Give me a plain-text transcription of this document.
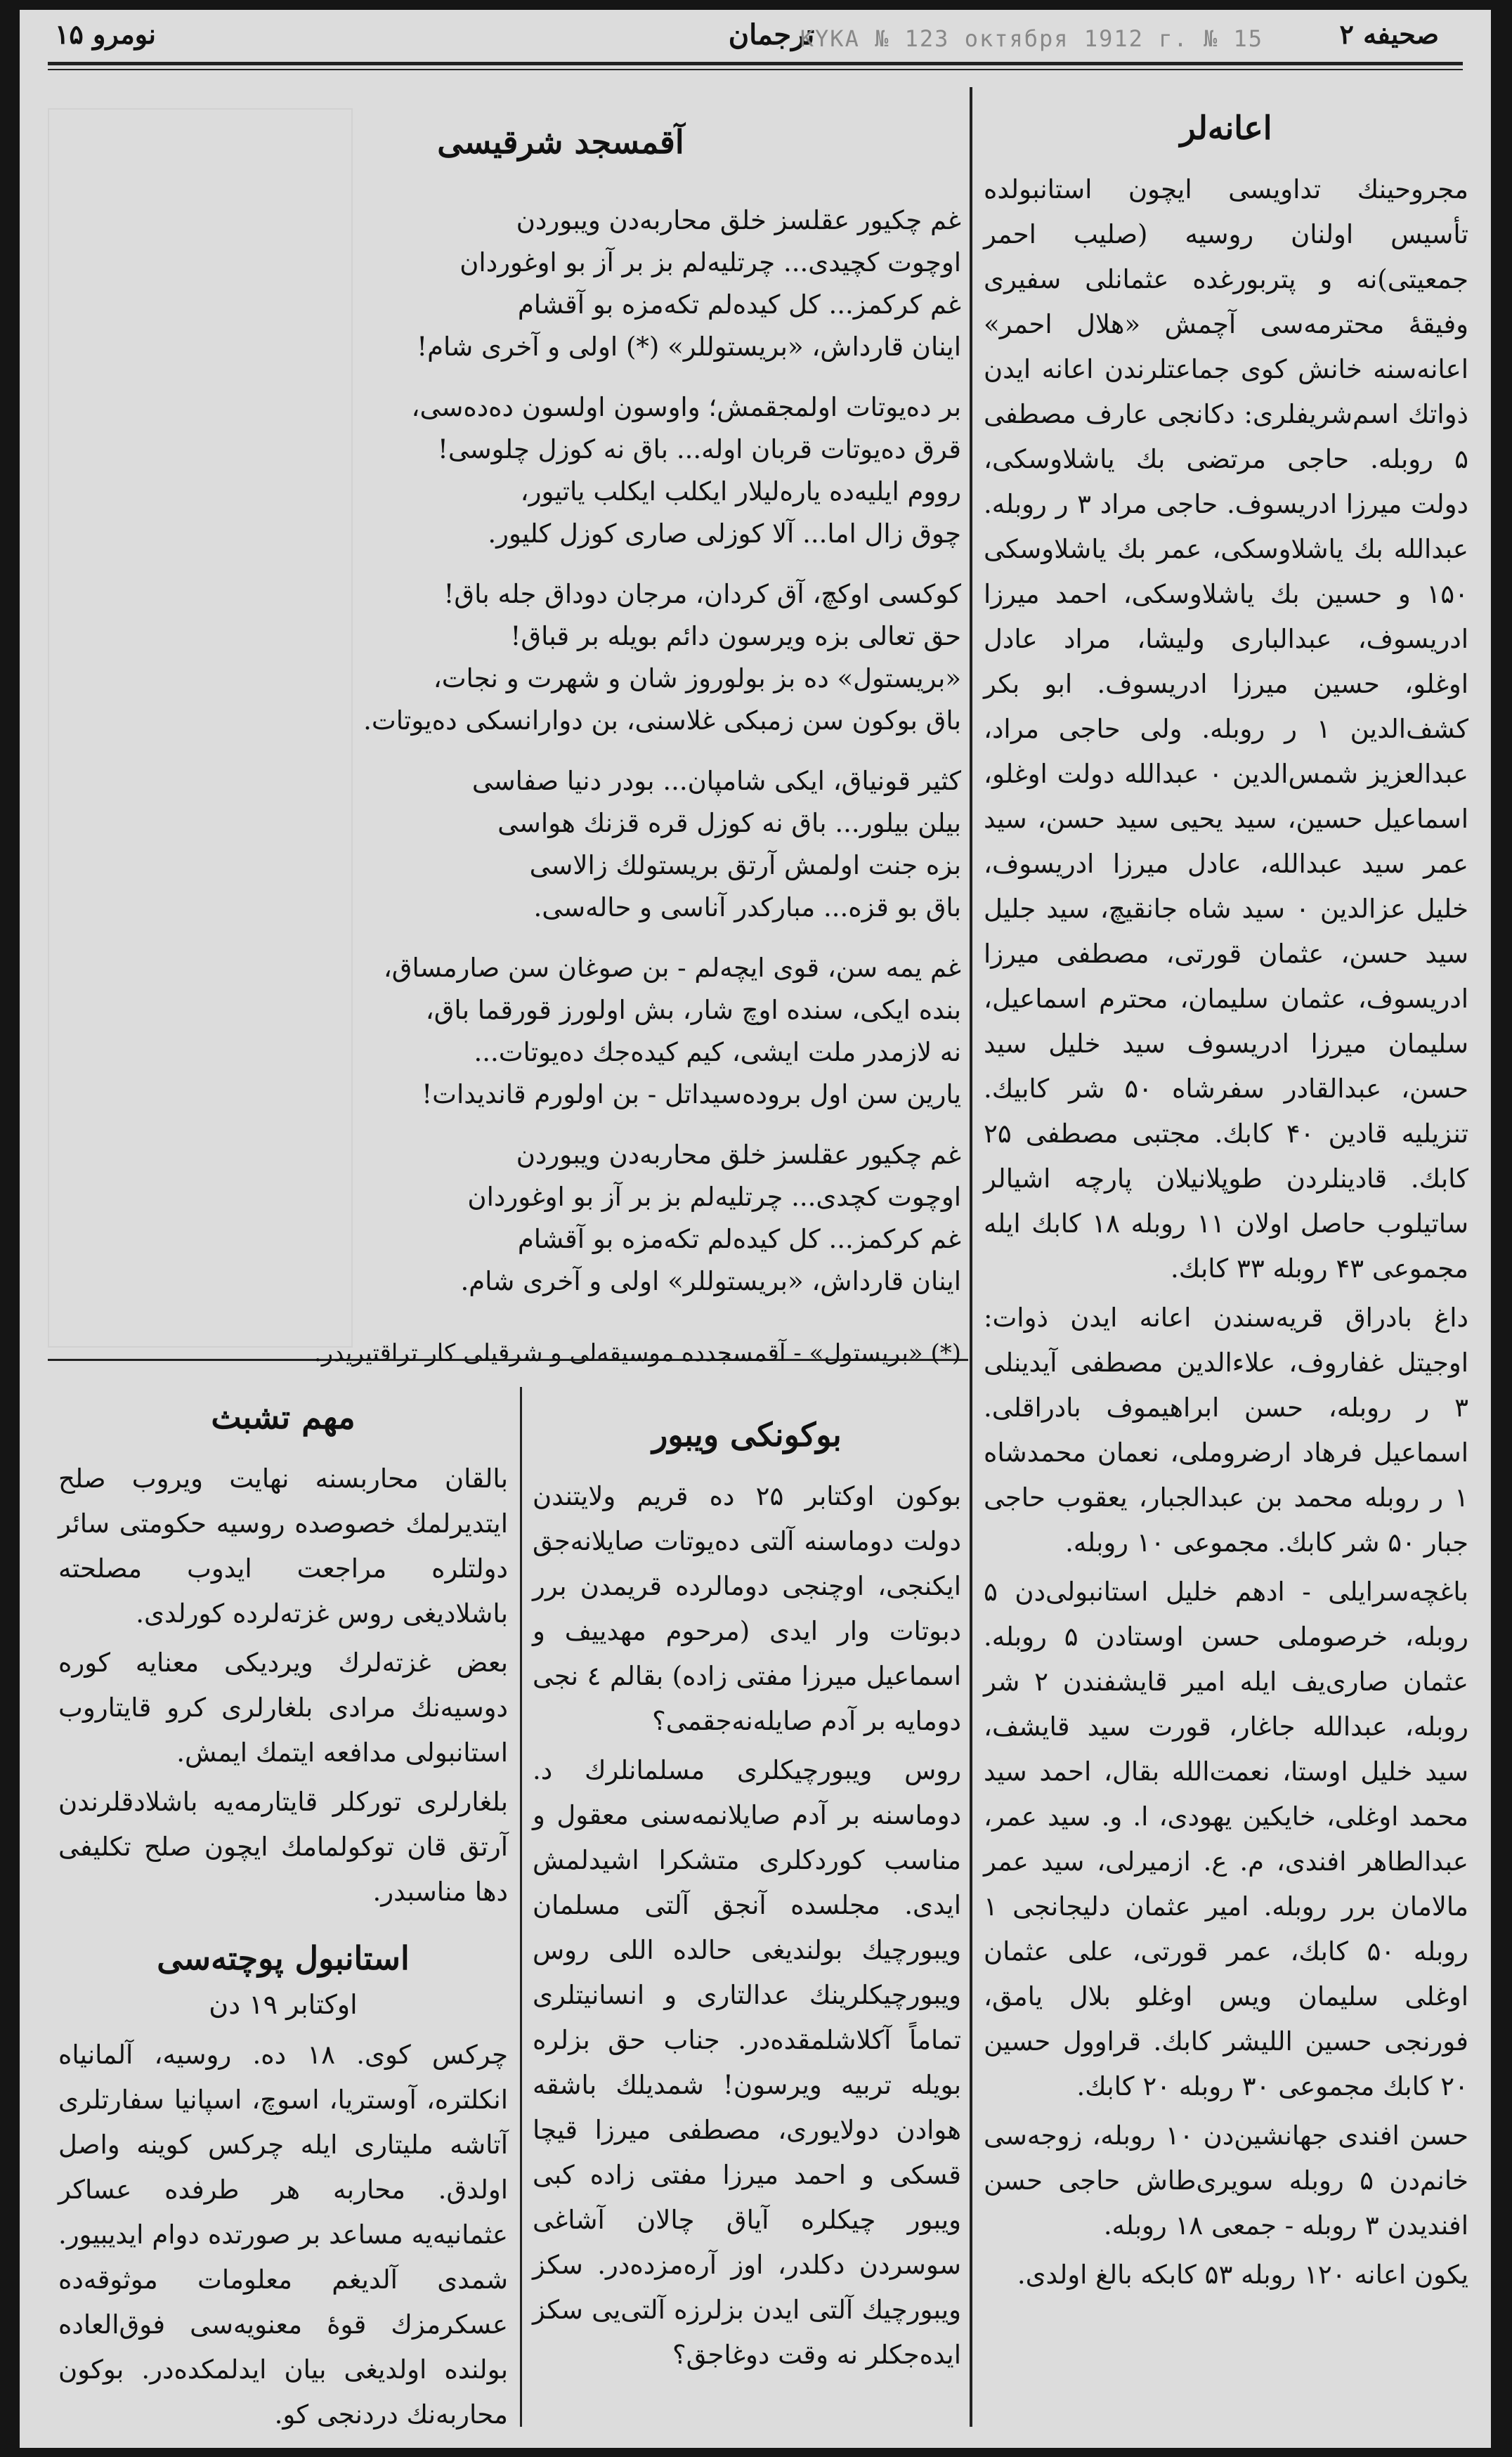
نومرو ۱۵	ترجمان
KYKA № 123 октября 1912 г. № 15	صحیفه ۲
اعانه‌لر

مجروحینك تداویسی ایچون استانبولده تأسیس اولنان روسیه (صلیب احمر جمعیتی)نه و پتربورغده عثمانلی سفیری وفیقهٔ محترمه‌سی آچمش «هلال احمر» اعانه‌سنه خانش کوی جماعتلرندن اعانه ایدن ذواتك اسم‌شریفلری: دکانجی عارف مصطفی ۵ روبله. حاجی مرتضی بك یاشلاوسکی، دولت میرزا ادریسوف. حاجی مراد ۳ ر روبله. عبدالله بك یاشلا‌وسکی، عمر بك یاشلاوسکی ۱۵۰ و حسین بك یاشلاوسکی، احمد میرزا ادریسوف، عبدالباری ولیشا، مراد عادل اوغلو، حسین میرزا ادر‌یسوف. ابو بکر کشف‌الدین ۱ ر روبله. ولی حاجی مراد، عبدالعزیز شمس‌الدین ۰ عبدالله دولت اوغلو، اسماعیل حسین، سید یحیی سید حسن، سید عمر سید عبدالله، عادل میرزا ادریسوف، خلیل عزالدین ۰ سید شاه جانقیچ، سید جلیل سید حسن، عثمان قورتی، مصطفی میرزا ادریسوف، عثمان سلیمان، محترم اسماعیل، سلیمان میرزا ادریسوف سید خلیل سید حسن، عبدالقادر سفرشاه ۵۰ شر کابیك. تنزیلیه قادین ۴۰ کابك. مجتبی مصطفی ۲۵ کابك. قادینلردن طوپلانیلان پارچه اشیالر ساتیلوب حاصل اولان ۱۱ روبله ۱۸ کابك ایله مجموعی ۴۳ روبله ۳۳ کابك.

داغ بادراق قریه‌سندن اعانه ایدن ذوات: اوجیتل غفاروف، علاءالدین مصطفی آیدینلی ۳ ر روبله، حسن ابراهیموف بادراقلی. اسماعیل فرهاد ارضروملی، نعمان محمدشاه ۱ ر روبله محمد بن عبدالجبار، یعقوب حاجی جبار ۵۰ شر کابك. مجموعی ۱۰ روبله.

باغچه‌سرایلی - ادهم خلیل استانبولی‌دن ۵ روبله، خرصوملی حسن اوستادن ۵ روبله. عثمان صاری‌یف ایله امیر قایشفندن ۲ شر روبله، عبدالله جاغار، قورت سید قایشف، سید خلیل اوستا، نعمت‌الله بقال، احمد سید محمد اوغلی، خایکین یهودی، ا. و. سید عمر، عبدالطاهر افندی، م. ع. ازمیرلی، سید عمر مالامان برر روبله. امیر عثمان دلیجانجی ۱ روبله ۵۰ کابك، عمر قورتی، علی عثمان اوغلی سلیمان ویس اوغلو بلال یامق، فورنجی حسین اللیشر کابك. قراوول حسین ۲۰ کابك مجموعی ۳۰ روبله ۲۰ کابك.

حسن افندی جهانشین‌دن ۱۰ روبله، زوجه‌سی خانم‌دن ۵ روبله سویری‌طاش حاجی حسن افندیدن ۳ روبله - جمعی ۱۸ روبله.

یکون اعانه ۱۲۰ روبله ۵۳ کابکه بالغ اولدی.

آقمسجد شرقیسی
غم چکیور عقلسز خلق محاربه‌دن ویبوردن
اوچوت کچیدی... چرتلیه‌لم بز بر آز بو اوغوردان
غم کرکمز... کل کیده‌لم تکه‌مزه بو آقشام
اینان قارداش، «بریستوللر» (*) اولی و آخری شام!
بر ده‌یوتات اولمجقمش؛ واوسون اولسون ده‌ده‌سی،
قرق ده‌یوتات قربان اوله... باق نه کوزل چلوسی!
رووم ایلیه‌ده یاره‌لیلار ایکلب ایکلب یاتیور،
چوق زال اما... آلا کوزلی صاری کوزل کلیور.
کوکسی اوکچ، آق کردان، مرجان دوداق جله باق!
حق تعالی بزه ویرسون دائم بویله بر قباق!
«بریستول» ده بز بولوروز شان و شهرت و نجات،
باق بوکون سن زمبکی غلاسنی، بن دوارانسکی ده‌یوتات.
کثیر قونیاق، ایکی شامپان... بودر دنیا صفاسی
بیلن بیلور... باق نه کوزل قره قزنك هواسی
بزه جنت اولمش آرتق بریستولك زالاسی
باق بو قزه... مبارکدر آناسی و حاله‌سی.
غم یمه سن، قوی ایچه‌لم - بن صوغان سن صارمساق،
بنده ایکی، سنده اوچ شار، بش اولورز قورقما باق،
نه لازمدر ملت ایشی، کیم کیده‌جك ده‌یوتات...
یارین سن اول بروده‌سیداتل - بن اولورم قاندیدات!
غم چکیور عقلسز خلق محاربه‌دن ویبوردن
اوچوت کچدی... چرتلیه‌لم بز بر آز بو اوغوردان
غم کرکمز... کل کیده‌لم تکه‌مزه بو آقشام
اینان قارداش، «بریستوللر» اولی و آخری شام.
(*) «بریستول» - آقمسجدده موسیقه‌لی و شرقیلی کار تراقتیریدر.
بوکونکی ویبور

بوکون اوکتابر ۲۵ ده قریم ولایتندن دولت دوماسنه آلتی ده‌یوتات صایلانه‌جق ایکنجی، اوچنجی دومالرده قریمدن برر دبوتات وار ایدی (مرحوم مهدییف و اسماعیل میرزا مفتی زاده) بقالم ٤ نجی دومایه بر آدم صایله‌نه‌جقمی؟

روس ویبورچیکلری مسلمانلرك د. دوماسنه بر آدم صایلانمه‌سنی معقول و مناسب کوردکلری متشکرا اشیدلمش ایدی. مجلسده آنجق آلتی مسلمان ویبورچیك بولندیغی حالده اللی روس ویبورچیکلرینك عدالتاری و انسانیتلری تماماً آکلاشلمقده‌در. جناب حق بزلره بویله تربیه ویرسون! شمدیلك باشقه هوادن دولایوری، مصطفی میرزا قیچا قسکی و احمد میرزا مفتی زاده کبی ویبور چیکلره آیاق چالان آشاغی سوسردن دکلدر، اوز آره‌مزده‌در. سکز ویبورچیك آلتی ایدن بزلرزه آلتی‌یی سکز ایده‌جکلر نه وقت دوغاجق؟

مهم تشبث

بالقان محاربسنه نهایت ویروب صلح ایتدیرلمك خصوصده روسیه حکومتی سائر دولتلره مراجعت ایدوب مصلحته باشلادیغی روس غزته‌لرده کورلدی.

بعض غزته‌لرك ویردیکی معنایه کوره دو‌سیه‌نك مرادی بلغارلری کرو قایتاروب استا‌نبولی مدافعه ایتمك ایمش.

بلغارلری تورکلر قایتارمه‌یه باشلادقلرندن آرتق قان توکولمامك ایچون صلح تکلیفی دها مناسبدر.

استانبول پوچته‌سی
اوکتابر ۱۹ دن

چرکس کوی. ۱۸ ده. روسیه، آلمانیاه انکلتره، آوستریا، اسوچ، اسپانیا سفارتلری آتاشه ملیتاری ایله چرکس کوینه واصل او‌لدق. محاربه هر طرفده عساکر عثمانیه‌یه مساعد بر صورتده دوام ایدیبیور. شمدی آلدیغم معلومات موثوقه‌ده عسکرمزك قوهٔ معنویه‌سی فوق‌العاده بولنده اولدیغی بیان ایدلمکده‌در. بوکون محاربه‌نك دردنجی کو.
